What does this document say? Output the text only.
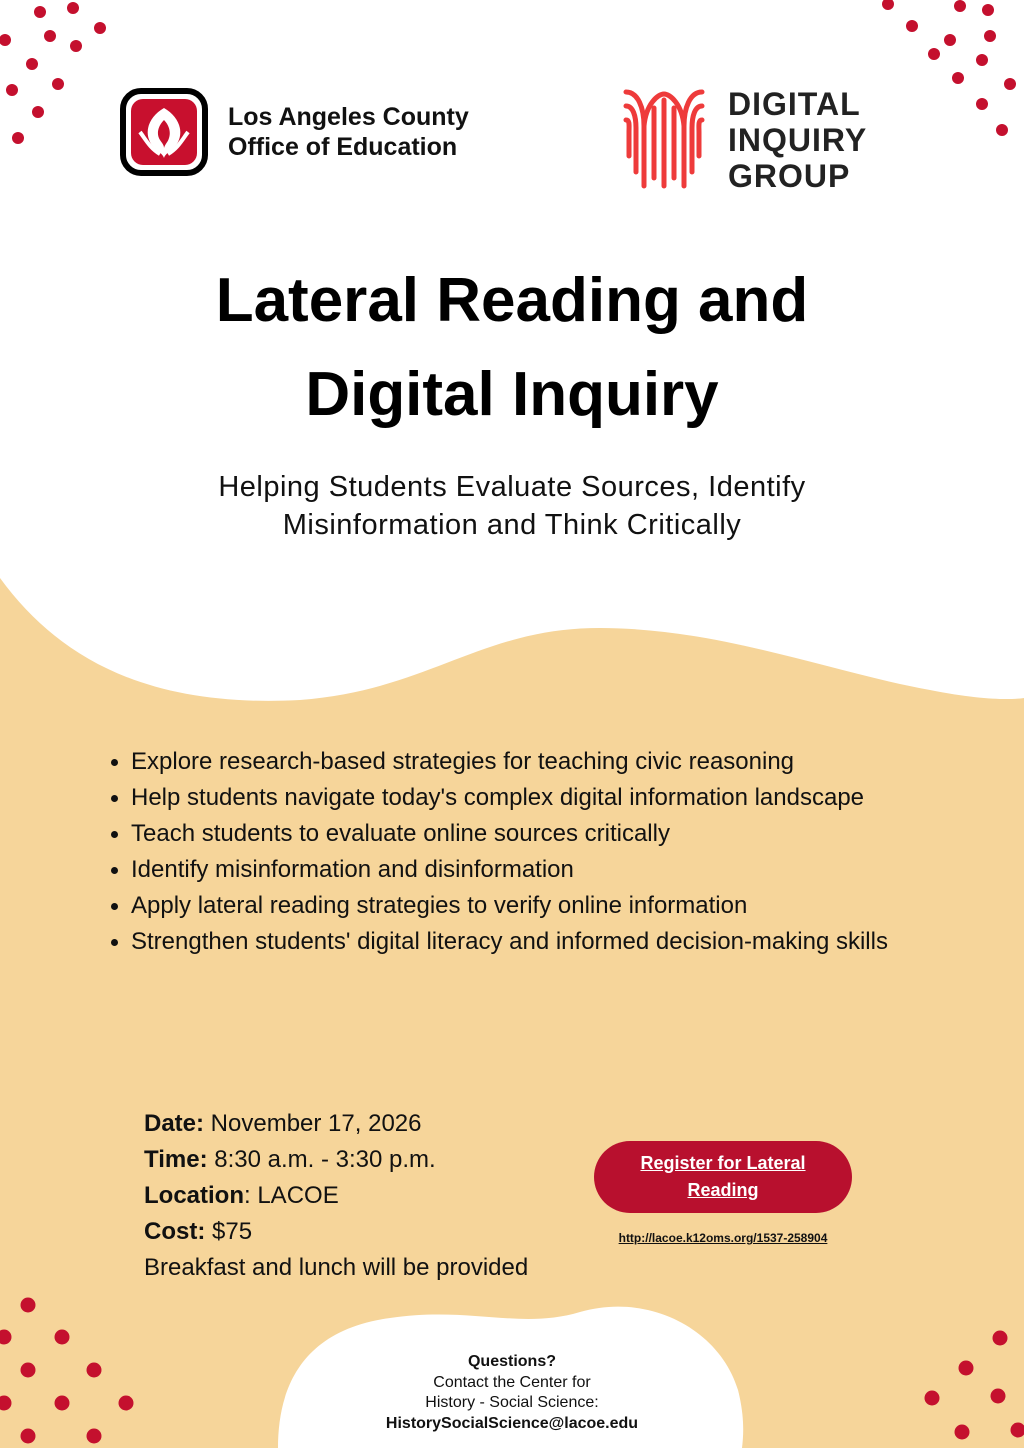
Los Angeles County
Office of Education
DIGITAL
INQUIRY
GROUP
Lateral Reading and
Digital Inquiry
Helping Students Evaluate Sources, Identify
Misinformation and Think Critically
Explore research-based strategies for teaching civic reasoning
Help students navigate today's complex digital information landscape
Teach students to evaluate online sources critically
Identify misinformation and disinformation
Apply lateral reading strategies to verify online information
Strengthen students' digital literacy and informed decision-making skills
Date: November 17, 2026
Time: 8:30 a.m. - 3:30 p.m.
Location: LACOE
Cost: $75
Breakfast and lunch will be provided
Register for Lateral
Reading
http://lacoe.k12oms.org/1537-258904
Questions?
Contact the Center for
History - Social Science:
HistorySocialScience@lacoe.edu
